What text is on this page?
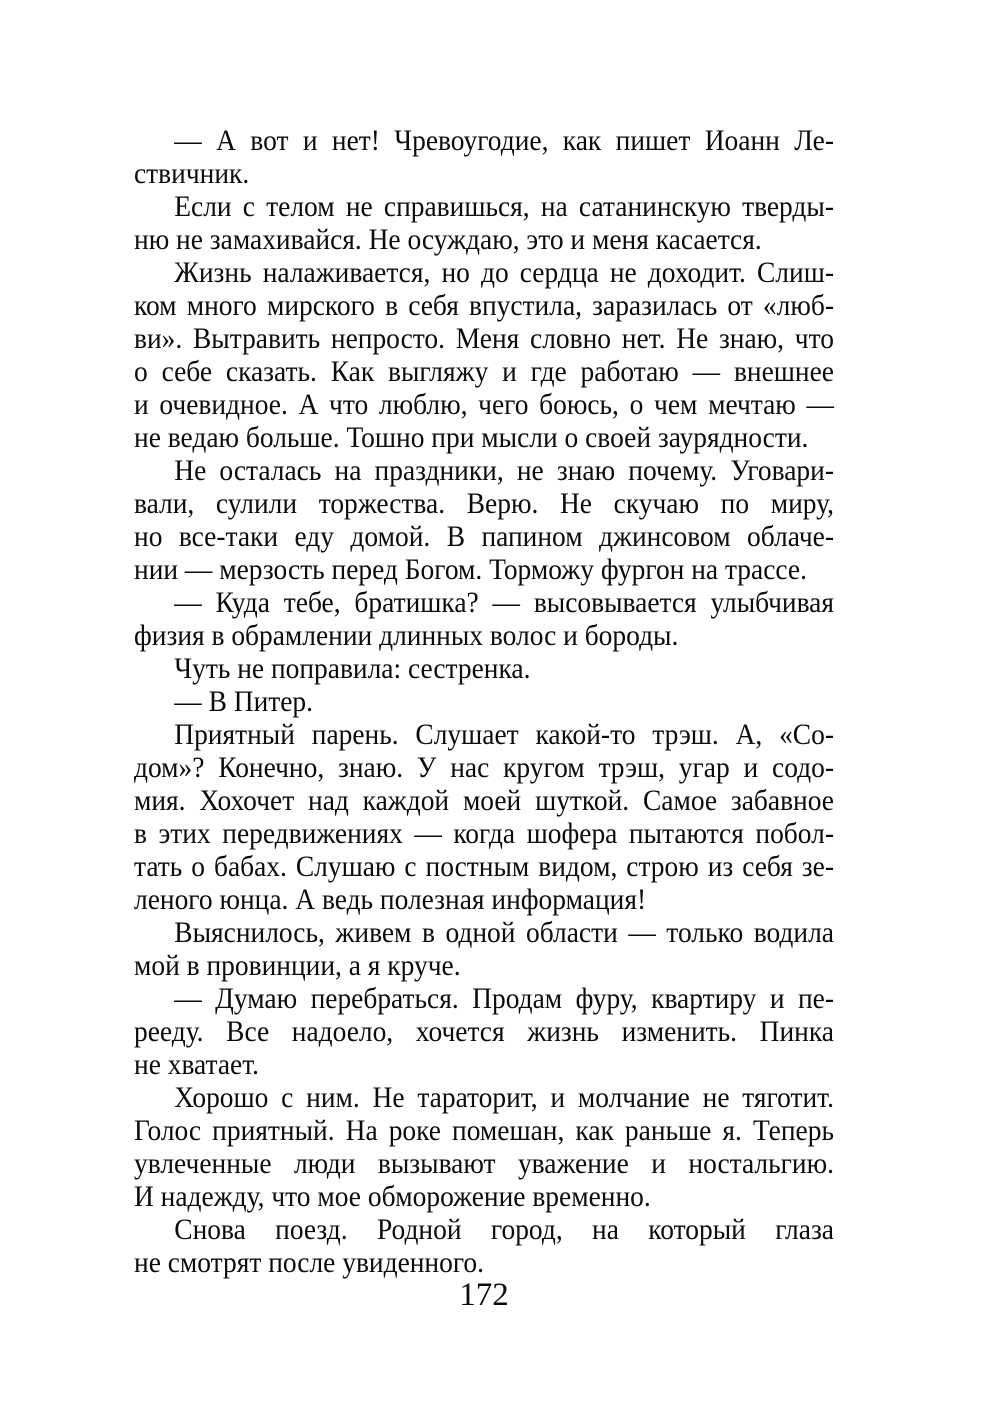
— А вот и нет! Чревоугодие, как пишет Иоанн Ле-
ствичник.
Если с телом не справишься, на сатанинскую тверды-
ню не замахивайся. Не осуждаю, это и меня касается.
Жизнь налаживается, но до сердца не доходит. Слиш-
ком много мирского в себя впустила, заразилась от «люб-
ви». Вытравить непросто. Меня словно нет. Не знаю, что
о себе сказать. Как выгляжу и где работаю — внешнее
и очевидное. А что люблю, чего боюсь, о чем мечтаю —
не ведаю больше. Тошно при мысли о своей заурядности.
Не осталась на праздники, не знаю почему. Уговари-
вали, сулили торжества. Верю. Не скучаю по миру,
но все-таки еду домой. В папином джинсовом облаче-
нии — мерзость перед Богом. Торможу фургон на трассе.
— Куда тебе, братишка? — высовывается улыбчивая
физия в обрамлении длинных волос и бороды.
Чуть не поправила: сестренка.
— В Питер.
Приятный парень. Слушает какой-то трэш. А, «Со-
дом»? Конечно, знаю. У нас кругом трэш, угар и содо-
мия. Хохочет над каждой моей шуткой. Самое забавное
в этих передвижениях — когда шофера пытаются побол-
тать о бабах. Слушаю с постным видом, строю из себя зе-
леного юнца. А ведь полезная информация!
Выяснилось, живем в одной области — только водила
мой в провинции, а я круче.
— Думаю перебраться. Продам фуру, квартиру и пе-
рееду. Все надоело, хочется жизнь изменить. Пинка
не хватает.
Хорошо с ним. Не тараторит, и молчание не тяготит.
Голос приятный. На роке помешан, как раньше я. Теперь
увлеченные люди вызывают уважение и ностальгию.
И надежду, что мое обморожение временно.
Снова поезд. Родной город, на который глаза
не смотрят после увиденного.
172
